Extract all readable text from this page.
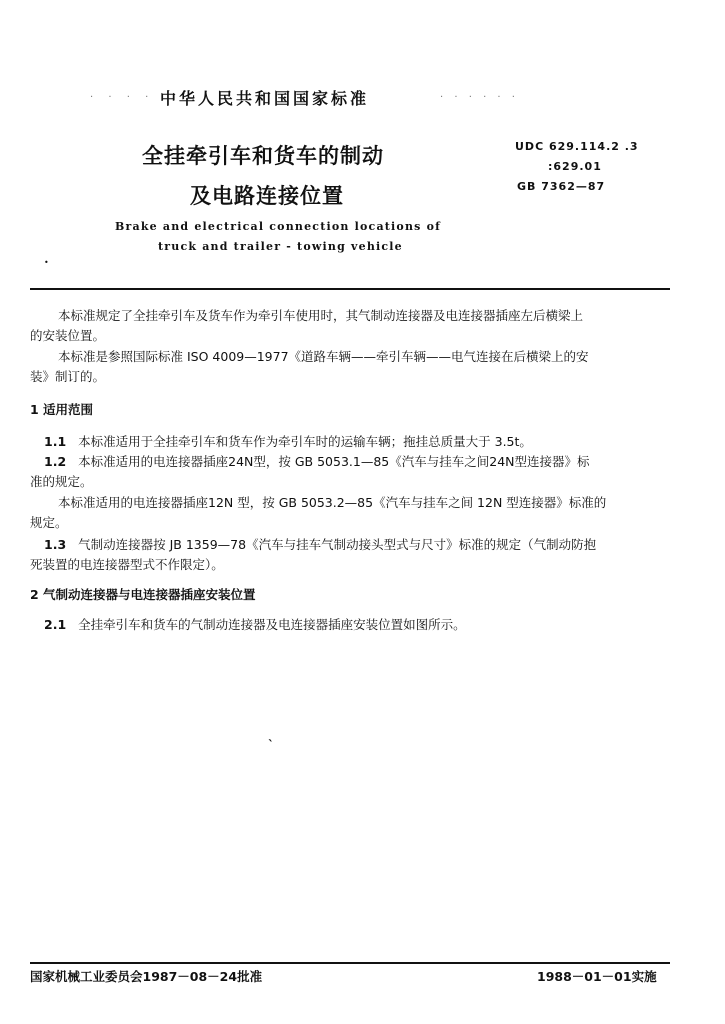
· · · · 中华人民共和国国家标准	· · · · · ·
全挂牵引车和货车的制动
及电路连接位置
UDC 629.114.2 .3
:629.01
GB 7362—87
Brake and electrical connection locations of
truck and trailer - towing vehicle
•
本标准规定了全挂牵引车及货车作为牵引车使用时，其气制动连接器及电连接器插座左后横梁上
的安装位置。
本标准是参照国际标准 ISO 4009—1977《道路车辆——牵引车辆——电气连接在后横梁上的安
装》制订的。
1 适用范围
1.1 本标准适用于全挂牵引车和货车作为牵引车时的运输车辆；拖挂总质量大于 3.5t。
1.2 本标准适用的电连接器插座24N型，按 GB 5053.1—85《汽车与挂车之间24N型连接器》标
准的规定。
本标准适用的电连接器插座12N 型，按 GB 5053.2—85《汽车与挂车之间 12N 型连接器》标准的
规定。
1.3 气制动连接器按 JB 1359—78《汽车与挂车气制动接头型式与尺寸》标准的规定（气制动防抱
死装置的电连接器型式不作限定）。
2 气制动连接器与电连接器插座安装位置
2.1 全挂牵引车和货车的气制动连接器及电连接器插座安装位置如图所示。
ˋ
国家机械工业委员会1987－08－24批准	1988－01－01实施
